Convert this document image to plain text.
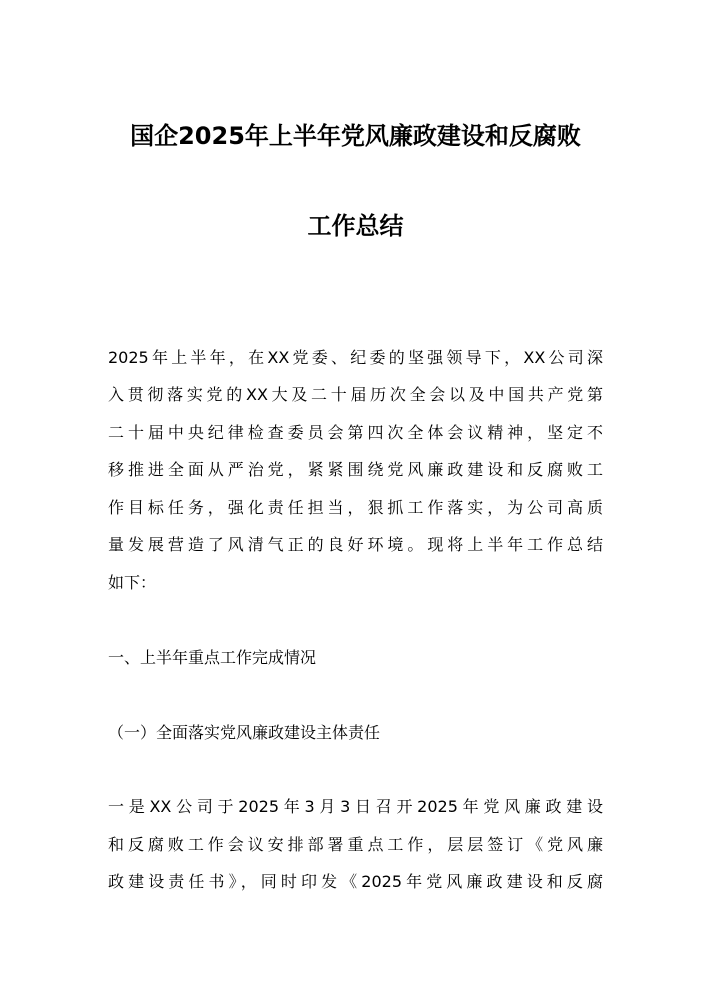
国企2025年上半年党风廉政建设和反腐败
工作总结
2025年上半年，在XX党委、纪委的坚强领导下，XX公司深
入贯彻落实党的XX大及二十届历次全会以及中国共产党第
二十届中央纪律检查委员会第四次全体会议精神，坚定不
移推进全面从严治党，紧紧围绕党风廉政建设和反腐败工
作目标任务，强化责任担当，狠抓工作落实，为公司高质
量发展营造了风清气正的良好环境。现将上半年工作总结
如下：
一、上半年重点工作完成情况
（一）全面落实党风廉政建设主体责任
一是XX公司于2025年3月3日召开2025年党风廉政建设
和反腐败工作会议安排部署重点工作，层层签订《党风廉
政建设责任书》，同时印发《2025年党风廉政建设和反腐
